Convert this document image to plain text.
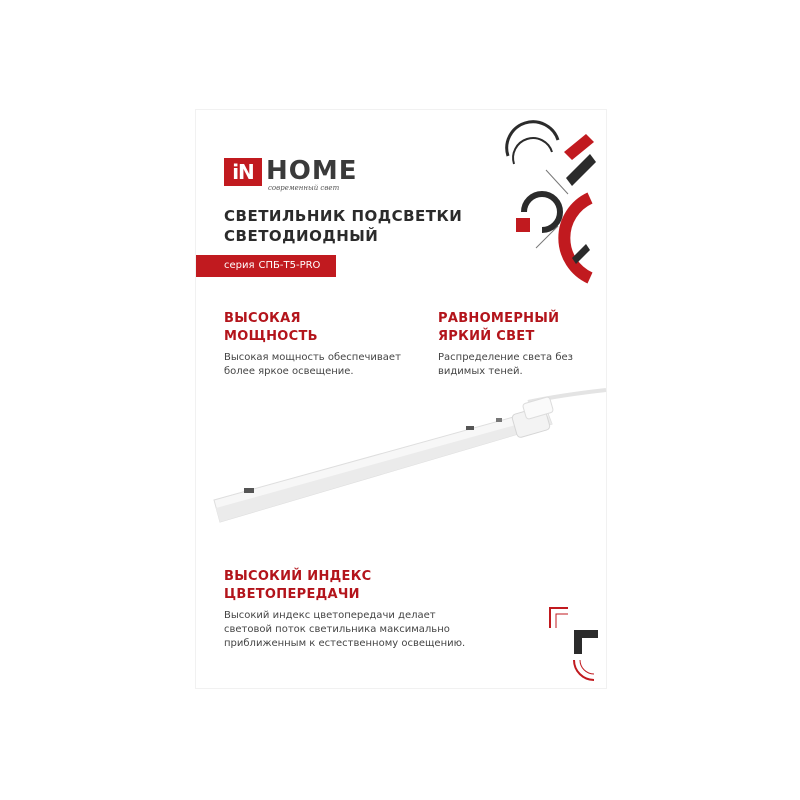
iN HOME
современный свет
СВЕТИЛЬНИК ПОДСВЕТКИ
СВЕТОДИОДНЫЙ
серия СПБ-Т5-PRO
ВЫСОКАЯ
МОЩНОСТЬ

Высокая мощность обеспечивает
более яркое освещение.

РАВНОМЕРНЫЙ
ЯРКИЙ СВЕТ

Распределение света без
видимых теней.

ВЫСОКИЙ ИНДЕКС
ЦВЕТОПЕРЕДАЧИ

Высокий индекс цветопередачи делает
световой поток светильника максимально
приближенным к естественному освещению.
